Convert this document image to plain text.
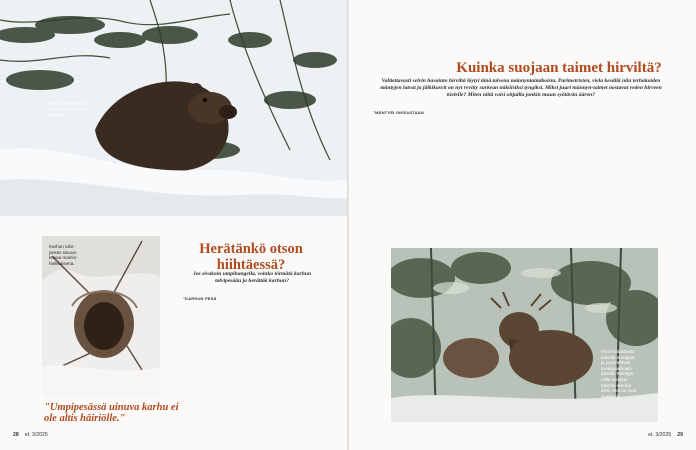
Karhut heräile-vät Suomessa tulkittuun aikaan.
Herätänkö otson hiihtäessä?
Jos sivakoin umpihangella, voinko törmätä karhun talvipesään ja herättää karhun?
"KARHUN PESÄ
Karhun talvi-pesän sisuus-kuvaa mainio-hiekkaisena.
"Umpipesässä uinuva karhu ei ole altis häiriölle."
28 et. 3/2025
Kuinka suojaan taimet hirviltä?
Valitettavasti selvin havainto hirviltä löytyi tänä talvena männyntaimikoista. Parimetristen, viela kesällä niin terhakoiden mäntyjen latvat ja jälkikasvit on nyt revitty surkean näköisiksi tyngiksi. Miksi juuri männyn-taimet nostavat veden hirveen kielelle? Miten niitä voisi ohjailla jonkin muun syötävän äären?
"MÄNTYEI OIKEASTAAN
Hirvet säästävät talvella energiaa ja pysyttelevät ruokapaikkojen lähellä. Mäntyjä niille maistuu talvella etenkin siksi, että ne ovat saatavilla.
et. 3/2025 29
